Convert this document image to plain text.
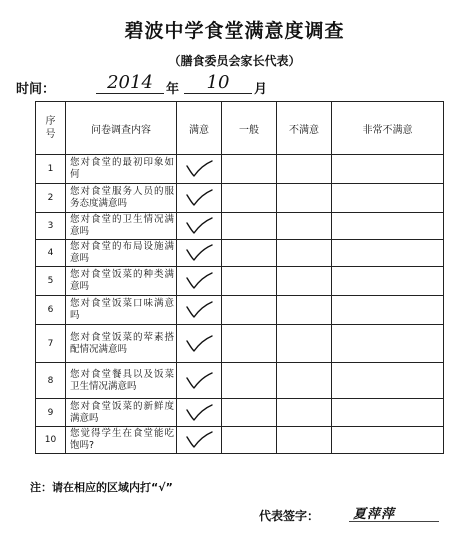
碧波中学食堂满意度调查
（膳食委员会家长代表）
时间：	2014	年	10	月
序号	问卷调查内容	满意	一般	不满意	非常不满意
1	您对食堂的最初印象如何	

2	您对食堂服务人员的服务态度满意吗	

3	您对食堂的卫生情况满意吗	

4	您对食堂的布局设施满意吗	

5	您对食堂饭菜的种类满意吗	

6	您对食堂饭菜口味满意吗	

7	您对食堂饭菜的荤素搭配情况满意吗	

8	您对食堂餐具以及饭菜卫生情况满意吗	

9	您对食堂饭菜的新鲜度满意吗	

10	您觉得学生在食堂能吃饱吗?	

注：请在相应的区域内打“√”
代表签字：	夏萍萍
